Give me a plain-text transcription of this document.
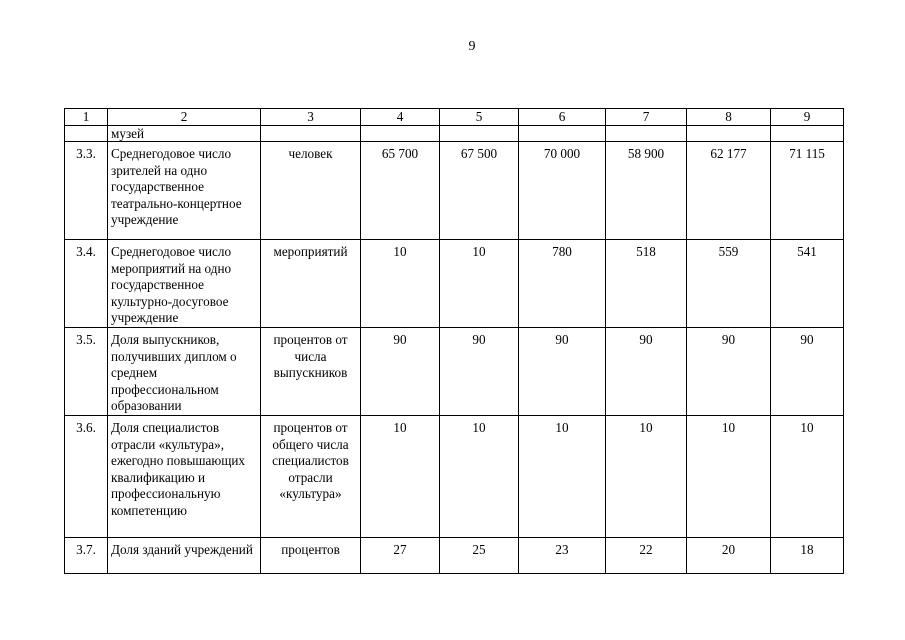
9
1	2	3	4	5	6	7	8	9
	музей							
3.3.	Среднегодовое число зрителей на одно государственное театрально-концертное учреждение	человек	65 700	67 500	70 000	58 900	62 177	71 115
3.4.	Среднегодовое число мероприятий на одно государственное культурно-досуговое учреждение	мероприятий	10	10	780	518	559	541
3.5.	Доля выпускников, получивших диплом о среднем профессиональном образовании	процентов от числа выпускников	90	90	90	90	90	90
3.6.	Доля специалистов отрасли «культура», ежегодно повышающих квалификацию и профессиональную компетенцию	процентов от общего числа специалистов отрасли «культура»	10	10	10	10	10	10
3.7.	Доля зданий учреждений	процентов	27	25	23	22	20	18
